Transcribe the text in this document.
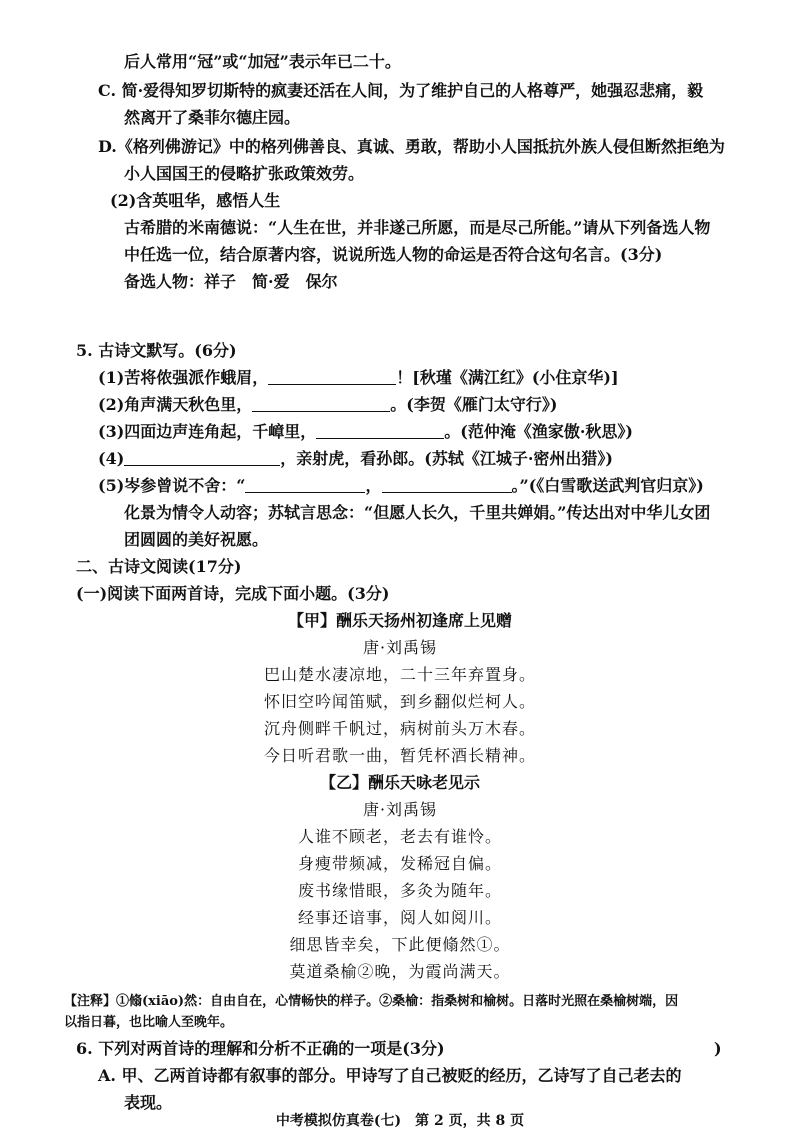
后人常用“冠”或“加冠”表示年已二十。
C. 简·爱得知罗切斯特的疯妻还活在人间，为了维护自己的人格尊严，她强忍悲痛，毅
然离开了桑菲尔德庄园。
D.《格列佛游记》中的格列佛善良、真诚、勇敢，帮助小人国抵抗外族人侵但断然拒绝为
小人国国王的侵略扩张政策效劳。
(2)含英咀华，感悟人生
古希腊的米南德说：“人生在世，并非遂己所愿，而是尽己所能。”请从下列备选人物
中任选一位，结合原著内容，说说所选人物的命运是否符合这句名言。(3分)
备选人物：祥子　简·爱　保尔
5. 古诗文默写。(6分)
(1)苦将侬强派作蛾眉，	！[秋瑾《满江红》(小住京华)]
(2)角声满天秋色里，	。(李贺《雁门太守行》)
(3)四面边声连角起，千嶂里，	。(范仲淹《渔家傲·秋思》)
(4)	，亲射虎，看孙郎。(苏轼《江城子·密州出猎》)
(5)岑参曾说不舍：“	，	。”(《白雪歌送武判官归京》)
化景为情令人动容；苏轼言思念：“但愿人长久，千里共婵娟。”传达出对中华儿女团
团圆圆的美好祝愿。
二、古诗文阅读(17分)
(一)阅读下面两首诗，完成下面小题。(3分)
【甲】酬乐天扬州初逢席上见赠
唐·刘禹锡
巴山楚水凄凉地，二十三年弃置身。
怀旧空吟闻笛赋，到乡翻似烂柯人。
沉舟侧畔千帆过，病树前头万木春。
今日听君歌一曲，暂凭杯酒长精神。
【乙】酬乐天咏老见示
唐·刘禹锡
人谁不顾老，老去有谁怜。
身瘦带频减，发稀冠自偏。
废书缘惜眼，多灸为随年。
经事还谙事，阅人如阅川。
细思皆幸矣，下此便翛然①。
莫道桑榆②晚，为霞尚满天。
【注释】①翛(xiāo)然：自由自在，心情畅快的样子。②桑榆：指桑树和榆树。日落时光照在桑榆树端，因
以指日暮，也比喻人至晚年。
6. 下列对两首诗的理解和分析不正确的一项是(3分)	)
A. 甲、乙两首诗都有叙事的部分。甲诗写了自己被贬的经历，乙诗写了自己老去的
表现。
中考模拟仿真卷(七)　第 2 页，共 8 页
